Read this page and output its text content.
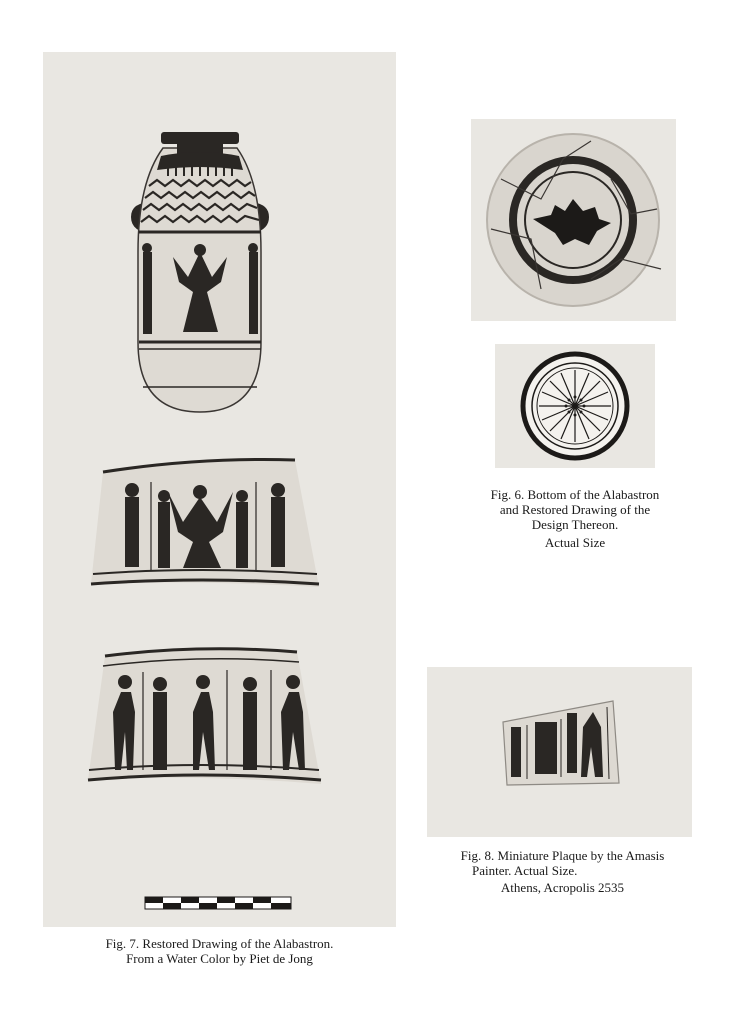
Fig. 7. Restored Drawing of the Alabastron.
From a Water Color by Piet de Jong
Fig. 6. Bottom of the Alabastron
and Restored Drawing of the
Design Thereon.
Actual Size
Fig. 8. Miniature Plaque by the Amasis
Painter. Actual Size.
Athens, Acropolis 2535
